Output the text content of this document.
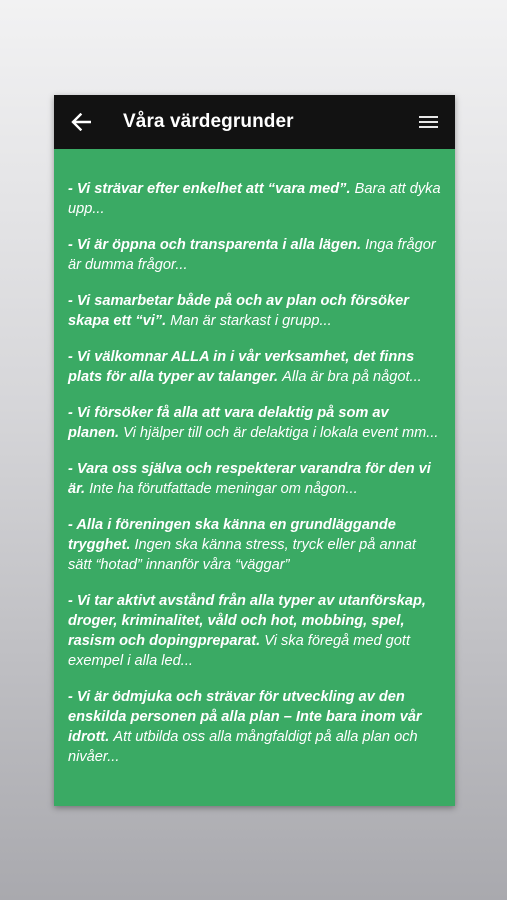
Våra värdegrunder

- Vi strävar efter enkelhet att “vara med”. Bara att dyka upp...

- Vi är öppna och transparenta i alla lägen. Inga frågor är dumma frågor...

- Vi samarbetar både på och av plan och försöker skapa ett “vi”. Man är starkast i grupp...

- Vi välkomnar ALLA in i vår verksamhet, det finns plats för alla typer av talanger. Alla är bra på något...

- Vi försöker få alla att vara delaktig på som av planen. Vi hjälper till och är delaktiga i lokala event mm...

- Vara oss själva och respekterar varandra för den vi är. Inte ha förutfattade meningar om någon...

- Alla i föreningen ska känna en grundläggande trygghet. Ingen ska känna stress, tryck eller på annat sätt “hotad” innanför våra “väggar”

- Vi tar aktivt avstånd från alla typer av utanförskap, droger, kriminalitet, våld och hot, mobbing, spel, rasism och dopingpreparat. Vi ska föregå med gott exempel i alla led...

- Vi är ödmjuka och strävar för utveckling av den enskilda personen på alla plan – Inte bara inom vår idrott. Att utbilda oss alla mångfaldigt på alla plan och nivåer...
